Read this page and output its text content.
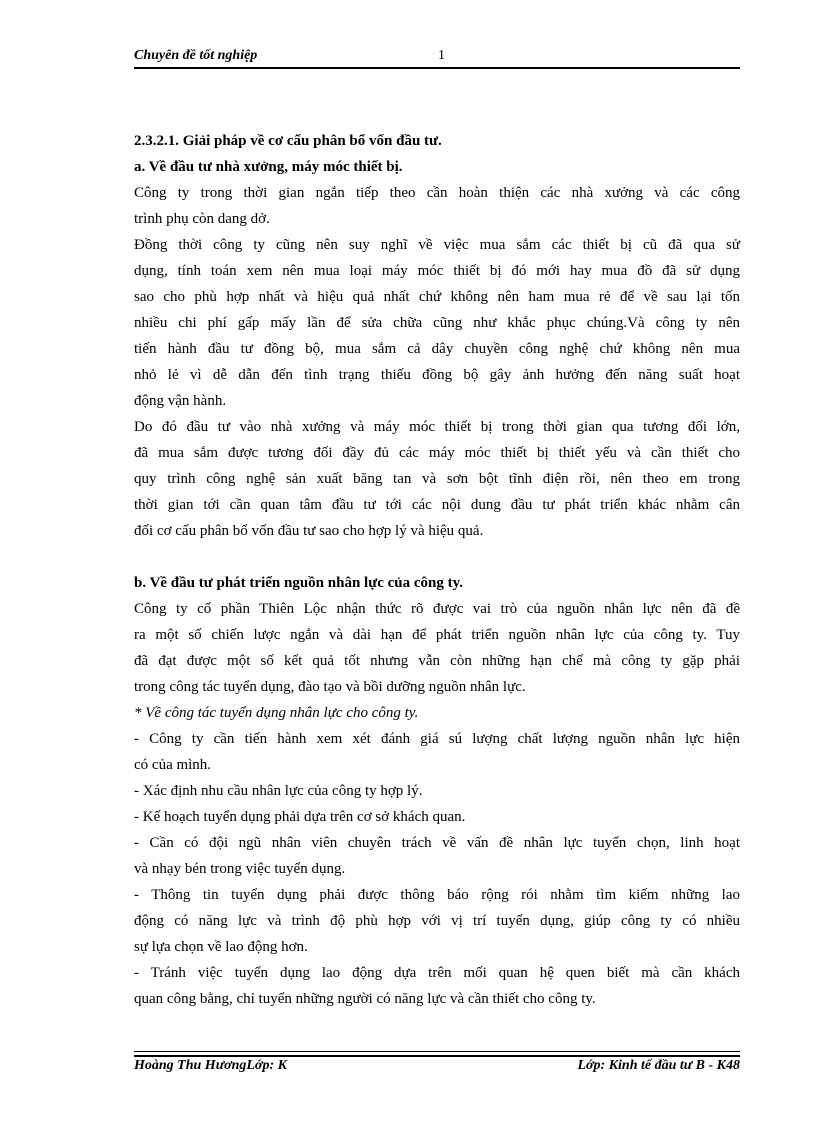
Chuyên đề tốt nghiệp	1
2.3.2.1. Giải pháp về cơ cấu phân bổ vốn đầu tư.
a. Về đầu tư nhà xưởng, máy móc thiết bị.
Công ty trong thời gian ngắn tiếp theo cần hoàn thiện các nhà xưởng và các công
trình phụ còn dang dở.
Đồng thời công ty cũng nên suy nghĩ về việc mua sắm các thiết bị cũ đã qua sử
dụng, tính toán xem nên mua loại máy móc thiết bị đó mới hay mua đồ đã sử dụng
sao cho phù hợp nhất và hiệu quả nhất chứ không nên ham mua rẻ để về sau lại tốn
nhiều chi phí gấp mấy lần để sửa chữa cũng như khắc phục chúng.Và công ty nên
tiến hành đầu tư đồng bộ, mua sắm cả dây chuyền công nghệ chứ không nên mua
nhỏ lẻ vì dễ dẫn đến tình trạng thiếu đồng bộ gây ảnh hưởng đến năng suất hoạt
động vận hành.
Do đó đầu tư vào nhà xưởng và máy móc thiết bị trong thời gian qua tương đối lớn,
đã mua sắm được tương đối đầy đủ các máy móc thiết bị thiết yếu và cần thiết cho
quy trình công nghệ sản xuất băng tan và sơn bột tĩnh điện rồi, nên theo em trong
thời gian tới cần quan tâm đầu tư tới các nội dung đầu tư phát triển khác nhằm cân
đối cơ cấu phân bổ vốn đầu tư sao cho hợp lý và hiệu quả.
b. Về đầu tư phát triển nguồn nhân lực của công ty.
Công ty cổ phần Thiên Lộc nhận thức rõ được vai trò của nguồn nhân lực nên đã đề
ra một số chiến lược ngắn và dài hạn để phát triển nguồn nhân lực của công ty. Tuy
đã đạt được một số kết quả tốt nhưng vẫn còn những hạn chế mà công ty gặp phải
trong công tác tuyển dụng, đào tạo và bồi dưỡng nguồn nhân lực.
* Về công tác tuyển dụng nhân lực cho công ty.
- Công ty cần tiến hành xem xét đánh giá sú lượng chất lượng nguồn nhân lực hiện
có của mình.
- Xác định nhu cầu nhân lực của công ty hợp lý.
- Kế hoạch tuyển dụng phải dựa trên cơ sở khách quan.
- Cần có đội ngũ nhân viên chuyên trách về vấn đề nhân lực tuyển chọn, linh hoạt
và nhạy bén trong việc tuyển dụng.
- Thông tin tuyển dụng phải được thông báo rộng rói nhằm tìm kiếm những lao
động có năng lực và trình độ phù hợp với vị trí tuyển dụng, giúp công ty có nhiều
sự lựa chọn về lao động hơn.
- Tránh việc tuyển dụng lao động dựa trên mối quan hệ quen biết mà cần khách
quan công bằng, chỉ tuyển những người có năng lực và cần thiết cho công ty.
Hoàng Thu HươngLớp: K	Lớp: Kinh tế đầu tư B - K48
